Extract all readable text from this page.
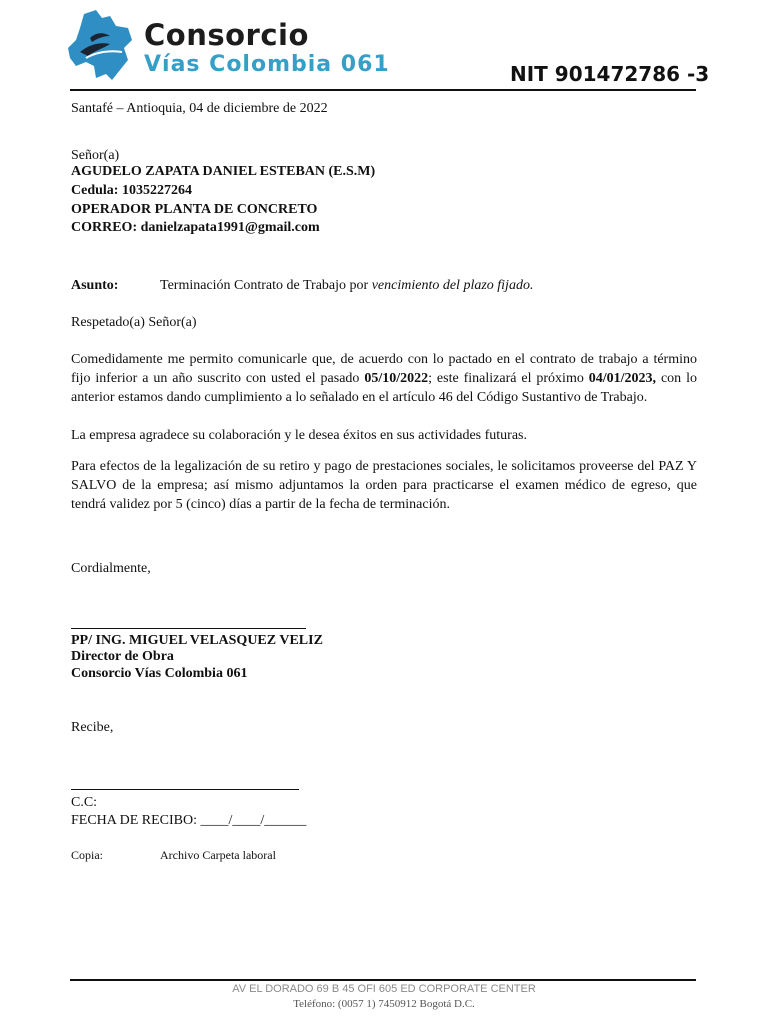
Consorcio
Vías Colombia 061	NIT 901472786 -3
Santafé – Antioquia, 04 de diciembre de 2022
Señor(a)
AGUDELO ZAPATA DANIEL ESTEBAN (E.S.M)
Cedula: 1035227264
OPERADOR PLANTA DE CONCRETO
CORREO: danielzapata1991@gmail.com
Asunto:	Terminación Contrato de Trabajo por vencimiento del plazo fijado.
Respetado(a) Señor(a)
Comedidamente me permito comunicarle que, de acuerdo con lo pactado en el contrato de trabajo a término fijo inferior a un año suscrito con usted el pasado 05/10/2022; este finalizará el próximo 04/01/2023, con lo anterior estamos dando cumplimiento a lo señalado en el artículo 46 del Código Sustantivo de Trabajo.
La empresa agradece su colaboración y le desea éxitos en sus actividades futuras.
Para efectos de la legalización de su retiro y pago de prestaciones sociales, le solicitamos proveerse del PAZ Y SALVO de la empresa; así mismo adjuntamos la orden para practicarse el examen médico de egreso, que tendrá validez por 5 (cinco) días a partir de la fecha de terminación.
Cordialmente,
PP/ ING. MIGUEL VELASQUEZ VELIZ
Director de Obra
Consorcio Vías Colombia 061
Recibe,
C.C:
FECHA DE RECIBO: ____/____/______
Copia:	Archivo Carpeta laboral
AV EL DORADO 69 B 45 OFI 605 ED CORPORATE CENTER
Teléfono: (0057 1) 7450912 Bogotá D.C.
